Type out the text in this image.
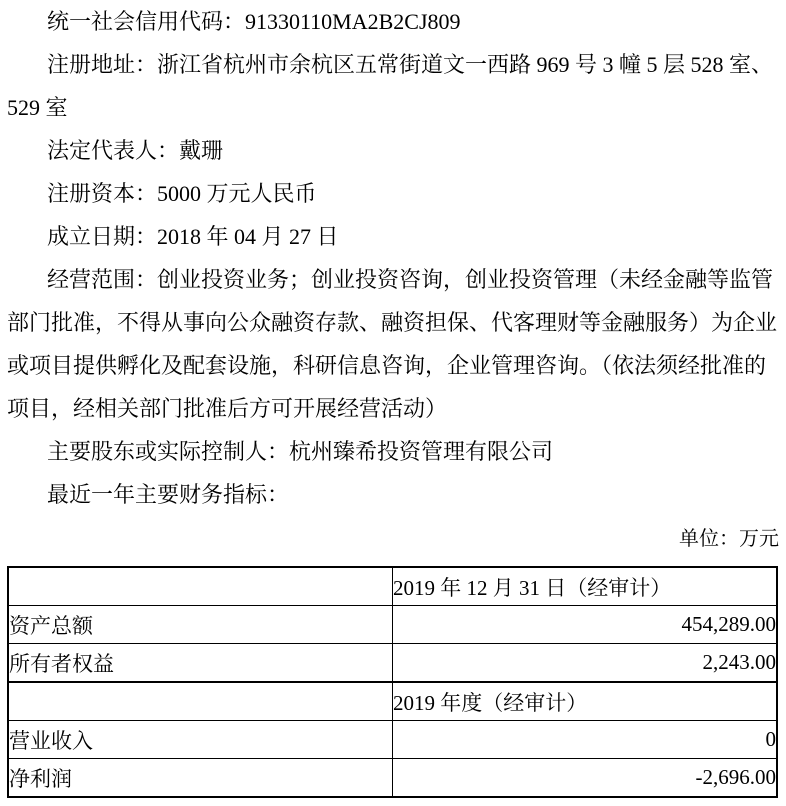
统一社会信用代码：91330110MA2B2CJ809
注册地址：浙江省杭州市余杭区五常街道文一西路 969 号 3 幢 5 层 528 室、
529 室
法定代表人：戴珊
注册资本：5000 万元人民币
成立日期：2018 年 04 月 27 日
经营范围：创业投资业务；创业投资咨询，创业投资管理（未经金融等监管
部门批准，不得从事向公众融资存款、融资担保、代客理财等金融服务）为企业
或项目提供孵化及配套设施，科研信息咨询，企业管理咨询。（依法须经批准的
项目，经相关部门批准后方可开展经营活动）
主要股东或实际控制人：杭州臻希投资管理有限公司
最近一年主要财务指标：
单位：万元
	2019 年 12 月 31 日（经审计）
资产总额	454,289.00
所有者权益	2,243.00
	2019 年度（经审计）
营业收入	0
净利润	-2,696.00
